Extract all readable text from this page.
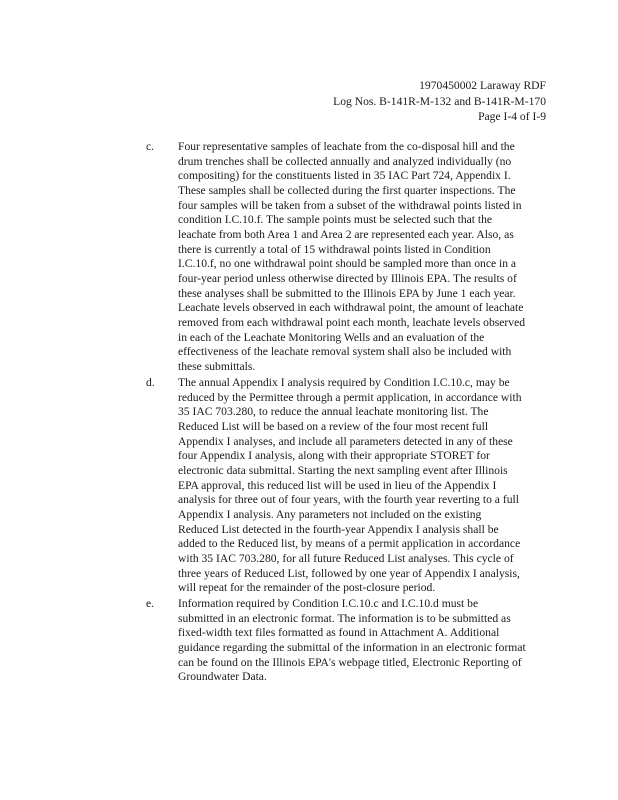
1970450002 Laraway RDF
Log Nos. B-141R-M-132 and B-141R-M-170
Page I-4 of I-9
c. Four representative samples of leachate from the co-disposal hill and the
drum trenches shall be collected annually and analyzed individually (no
compositing) for the constituents listed in 35 IAC Part 724, Appendix I.
These samples shall be collected during the first quarter inspections. The
four samples will be taken from a subset of the withdrawal points listed in
condition I.C.10.f. The sample points must be selected such that the
leachate from both Area 1 and Area 2 are represented each year. Also, as
there is currently a total of 15 withdrawal points listed in Condition
I.C.10.f, no one withdrawal point should be sampled more than once in a
four-year period unless otherwise directed by Illinois EPA. The results of
these analyses shall be submitted to the Illinois EPA by June 1 each year.
Leachate levels observed in each withdrawal point, the amount of leachate
removed from each withdrawal point each month, leachate levels observed
in each of the Leachate Monitoring Wells and an evaluation of the
effectiveness of the leachate removal system shall also be included with
these submittals.
d. The annual Appendix I analysis required by Condition I.C.10.c, may be
reduced by the Permittee through a permit application, in accordance with
35 IAC 703.280, to reduce the annual leachate monitoring list. The
Reduced List will be based on a review of the four most recent full
Appendix I analyses, and include all parameters detected in any of these
four Appendix I analysis, along with their appropriate STORET for
electronic data submittal. Starting the next sampling event after Illinois
EPA approval, this reduced list will be used in lieu of the Appendix I
analysis for three out of four years, with the fourth year reverting to a full
Appendix I analysis. Any parameters not included on the existing
Reduced List detected in the fourth-year Appendix I analysis shall be
added to the Reduced list, by means of a permit application in accordance
with 35 IAC 703.280, for all future Reduced List analyses. This cycle of
three years of Reduced List, followed by one year of Appendix I analysis,
will repeat for the remainder of the post-closure period.
e. Information required by Condition I.C.10.c and I.C.10.d must be
submitted in an electronic format. The information is to be submitted as
fixed-width text files formatted as found in Attachment A. Additional
guidance regarding the submittal of the information in an electronic format
can be found on the Illinois EPA's webpage titled, Electronic Reporting of
Groundwater Data.
